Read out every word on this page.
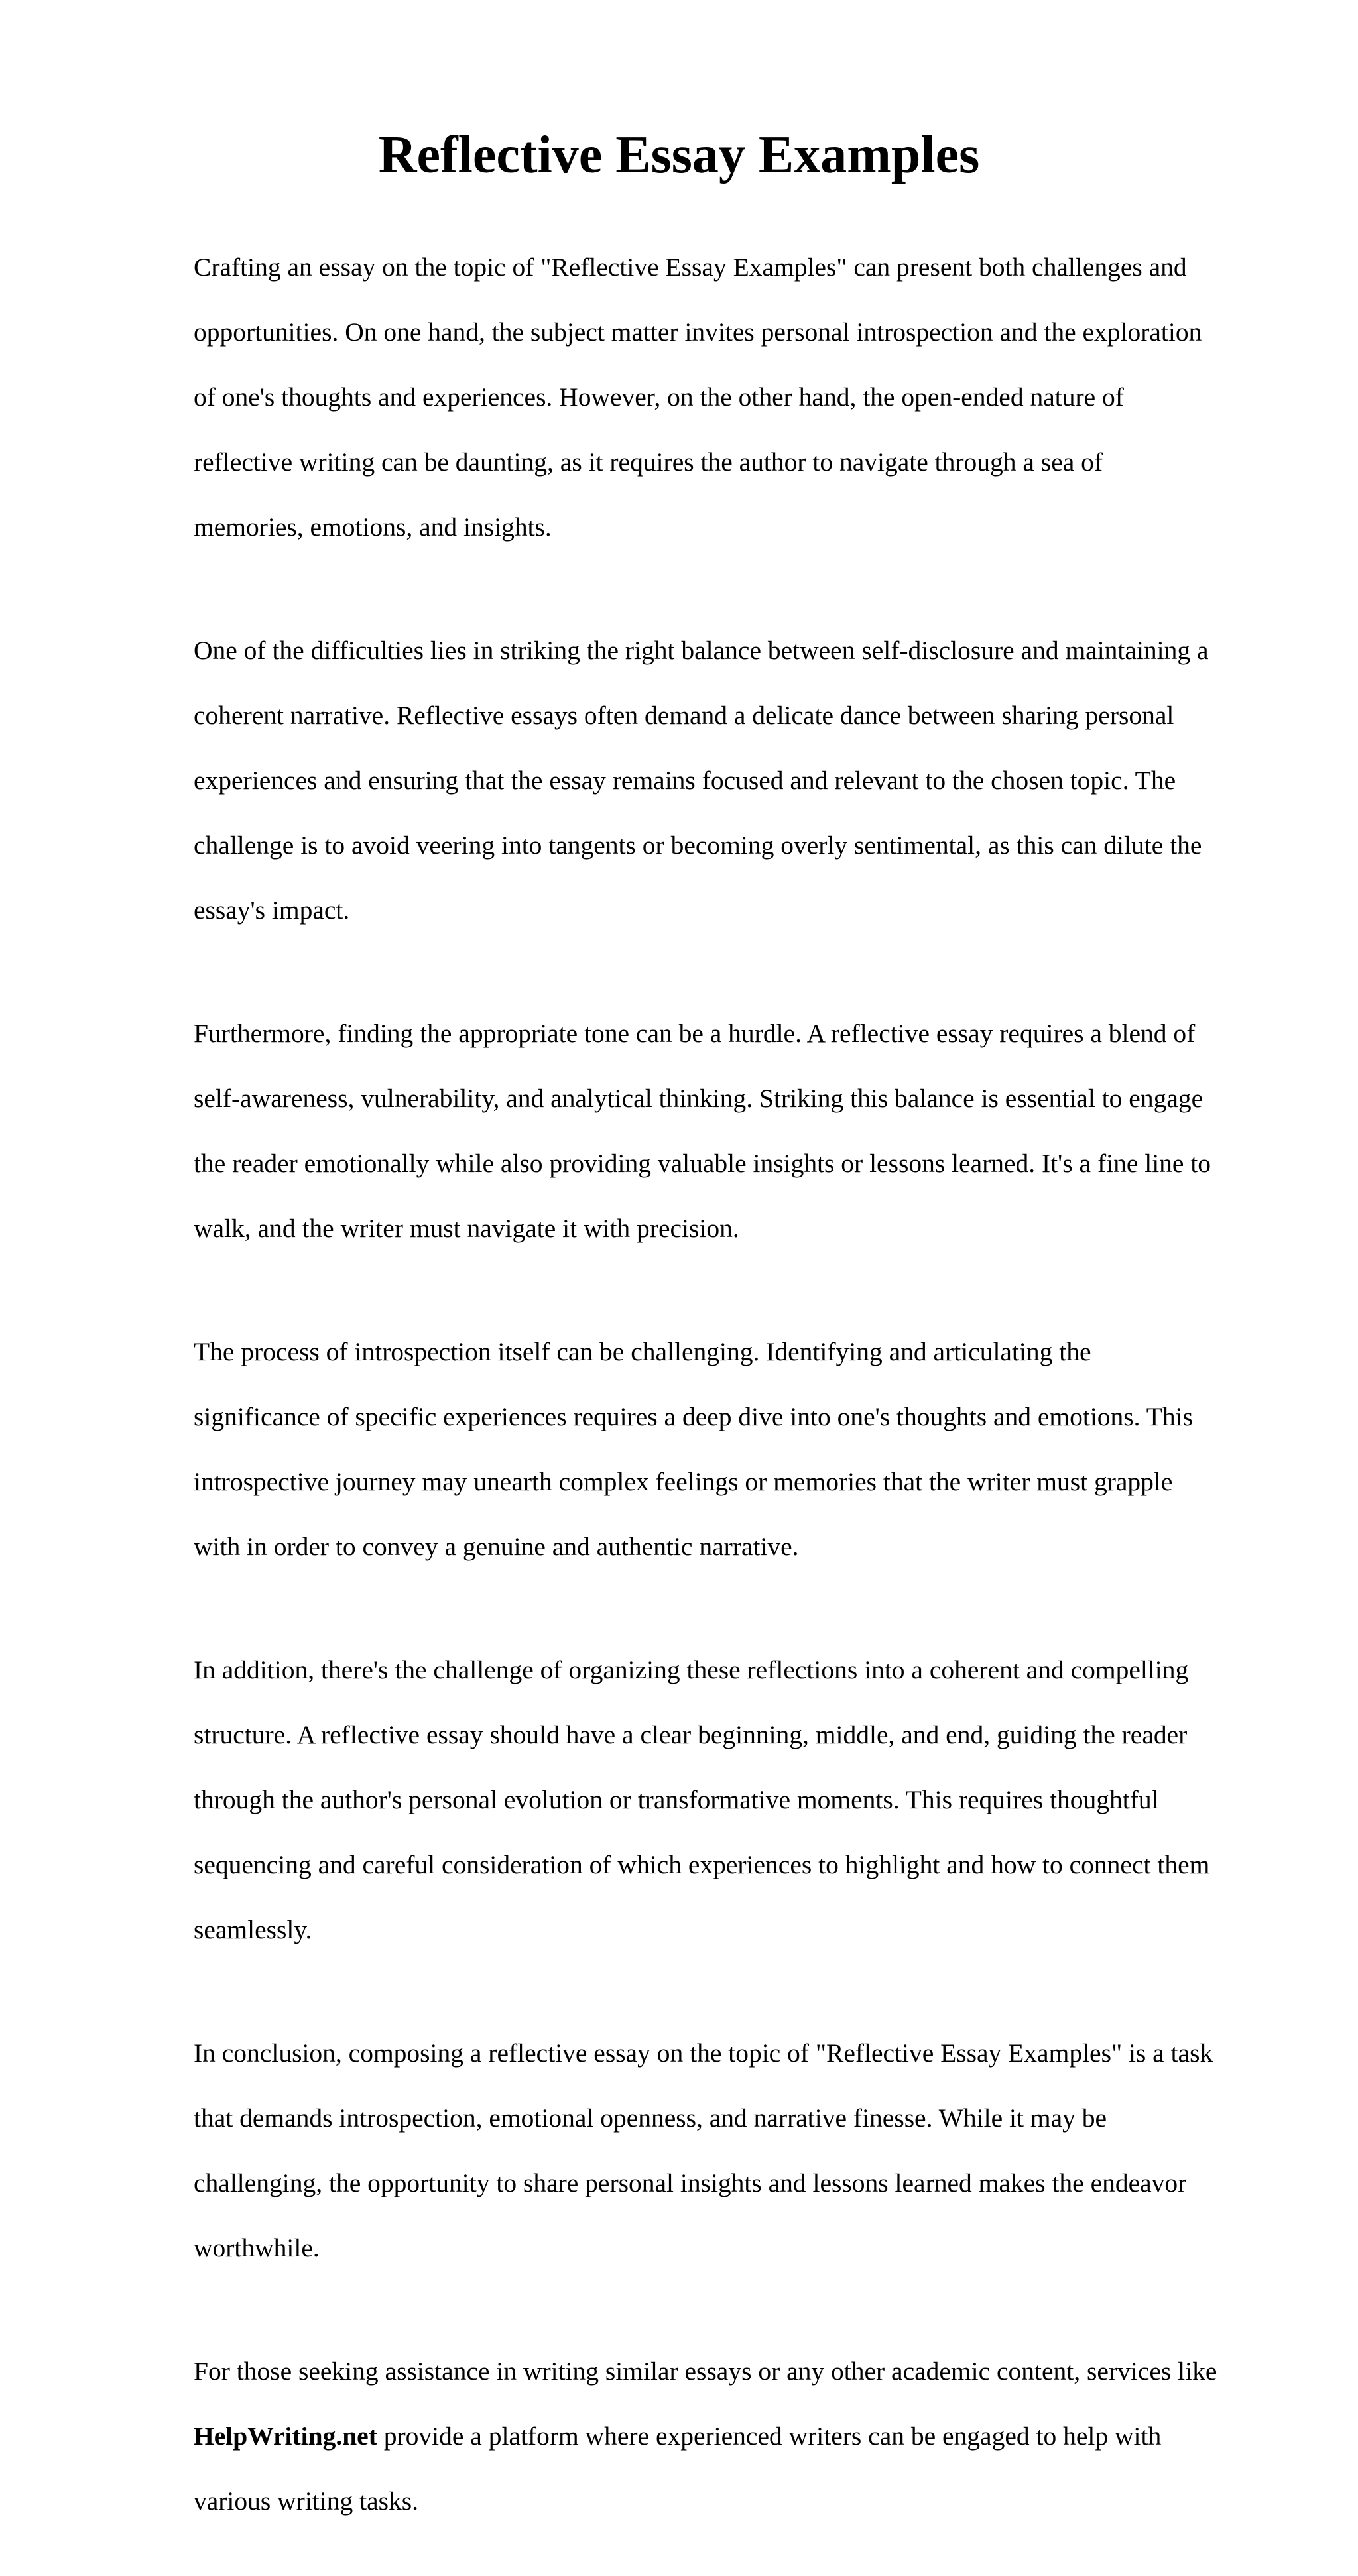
Reflective Essay Examples

Crafting an essay on the topic of "Reflective Essay Examples" can present both challenges and

opportunities. On one hand, the subject matter invites personal introspection and the exploration

of one's thoughts and experiences. However, on the other hand, the open-ended nature of

reflective writing can be daunting, as it requires the author to navigate through a sea of

memories, emotions, and insights.

One of the difficulties lies in striking the right balance between self-disclosure and maintaining a

coherent narrative. Reflective essays often demand a delicate dance between sharing personal

experiences and ensuring that the essay remains focused and relevant to the chosen topic. The

challenge is to avoid veering into tangents or becoming overly sentimental, as this can dilute the

essay's impact.

Furthermore, finding the appropriate tone can be a hurdle. A reflective essay requires a blend of

self-awareness, vulnerability, and analytical thinking. Striking this balance is essential to engage

the reader emotionally while also providing valuable insights or lessons learned. It's a fine line to

walk, and the writer must navigate it with precision.

The process of introspection itself can be challenging. Identifying and articulating the

significance of specific experiences requires a deep dive into one's thoughts and emotions. This

introspective journey may unearth complex feelings or memories that the writer must grapple

with in order to convey a genuine and authentic narrative.

In addition, there's the challenge of organizing these reflections into a coherent and compelling

structure. A reflective essay should have a clear beginning, middle, and end, guiding the reader

through the author's personal evolution or transformative moments. This requires thoughtful

sequencing and careful consideration of which experiences to highlight and how to connect them

seamlessly.

In conclusion, composing a reflective essay on the topic of "Reflective Essay Examples" is a task

that demands introspection, emotional openness, and narrative finesse. While it may be

challenging, the opportunity to share personal insights and lessons learned makes the endeavor

worthwhile.

For those seeking assistance in writing similar essays or any other academic content, services like

HelpWriting.net provide a platform where experienced writers can be engaged to help with

various writing tasks.
